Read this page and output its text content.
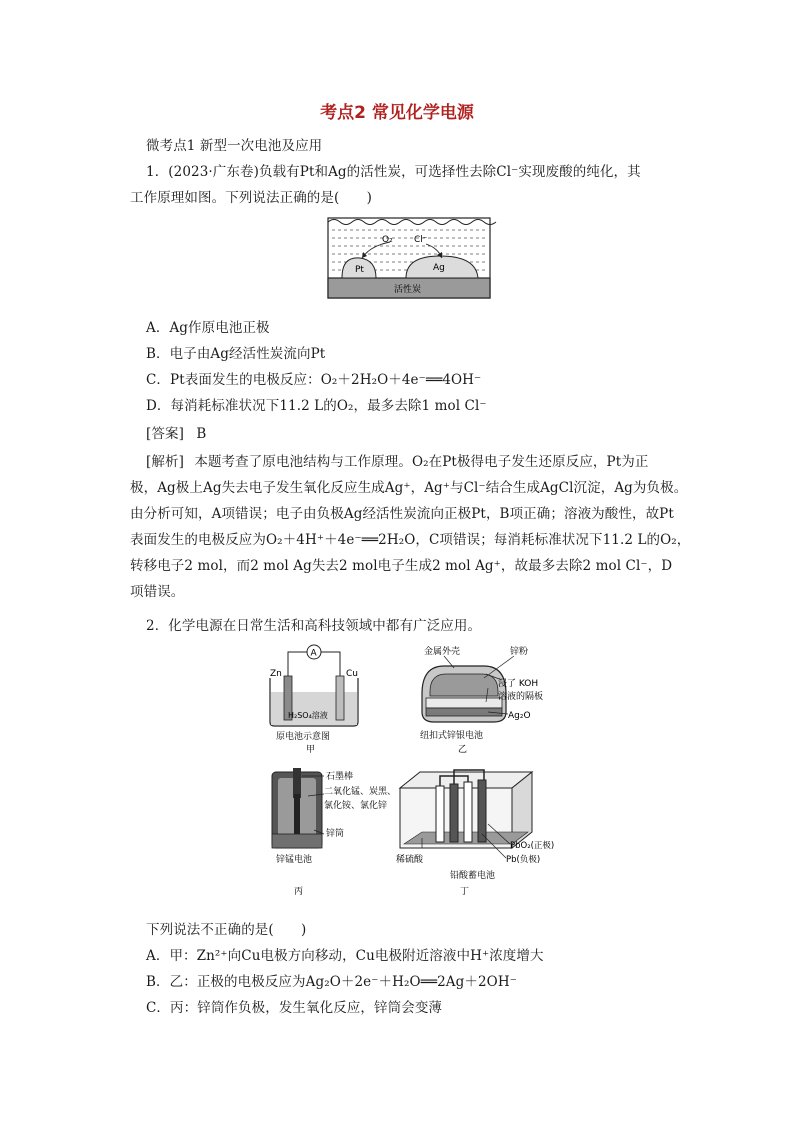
考点2 常见化学电源
微考点1 新型一次电池及应用
1．(2023·广东卷)负载有Pt和Ag的活性炭，可选择性去除Cl⁻实现废酸的纯化，其
工作原理如图。下列说法正确的是(　　)
O₂ Cl⁻
Pt	Ag
活性炭
A．Ag作原电池正极
B．电子由Ag经活性炭流向Pt
C．Pt表面发生的电极反应：O₂＋2H₂O＋4e⁻══4OH⁻
D．每消耗标准状况下11.2 L的O₂，最多去除1 mol Cl⁻
[答案] B
[解析] 本题考查了原电池结构与工作原理。O₂在Pt极得电子发生还原反应，Pt为正
极，Ag极上Ag失去电子发生氧化反应生成Ag⁺，Ag⁺与Cl⁻结合生成AgCl沉淀，Ag为负极。
由分析可知，A项错误；电子由负极Ag经活性炭流向正极Pt，B项正确；溶液为酸性，故Pt
表面发生的电极反应为O₂＋4H⁺＋4e⁻══2H₂O，C项错误；每消耗标准状况下11.2 L的O₂，
转移电子2 mol，而2 mol Ag失去2 mol电子生成2 mol Ag⁺，故最多去除2 mol Cl⁻，D
项错误。
2．化学电源在日常生活和高科技领域中都有广泛应用。
A
Zn	Cu
H₂SO₄溶液
原电池示意图
甲
金属外壳	锌粉
浸了 KOH
溶液的隔板
Ag₂O
纽扣式锌银电池
乙
石墨棒
二氧化锰、炭黑、
氯化铵、氯化锌
锌筒
锌锰电池
丙
PbO₂(正极)
Pb(负极)
稀硫酸
铅酸蓄电池
丁
下列说法不正确的是(　　)
A．甲：Zn²⁺向Cu电极方向移动，Cu电极附近溶液中H⁺浓度增大
B．乙：正极的电极反应为Ag₂O＋2e⁻＋H₂O══2Ag＋2OH⁻
C．丙：锌筒作负极，发生氧化反应，锌筒会变薄
